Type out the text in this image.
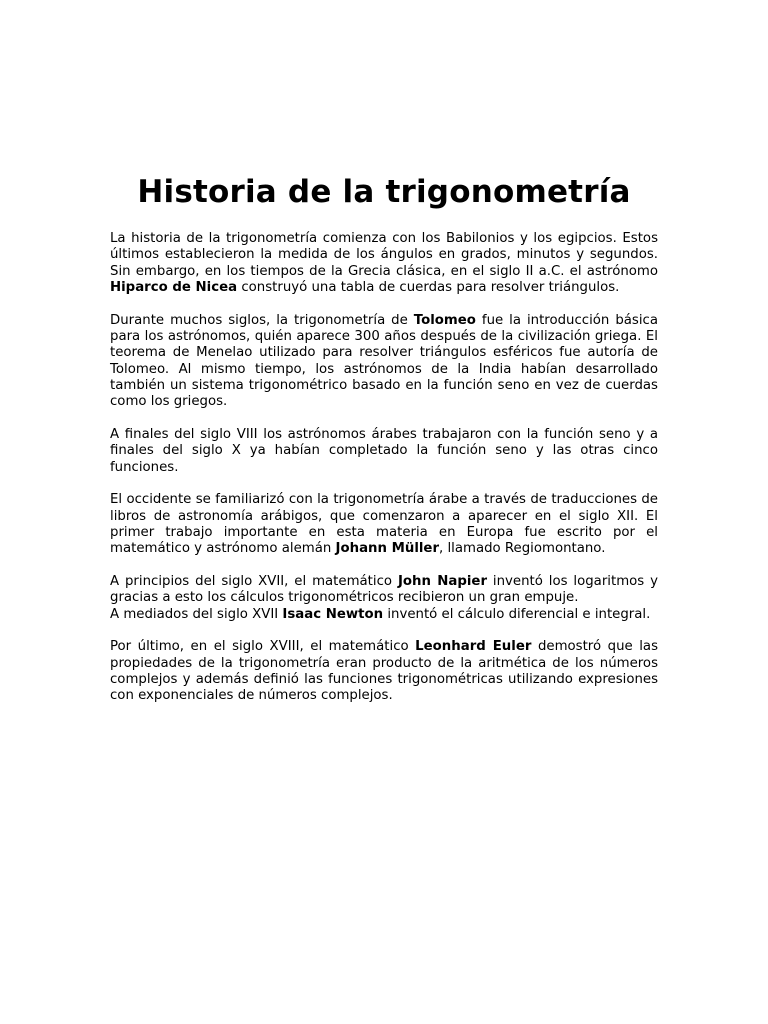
Historia de la trigonometría

La historia de la trigonometría comienza con los Babilonios y los egipcios. Estos últimos establecieron la medida de los ángulos en grados, minutos y segundos. Sin embargo, en los tiempos de la Grecia clásica, en el siglo II a.C. el astrónomo Hiparco de Nicea construyó una tabla de cuerdas para resolver triángulos.

Durante muchos siglos, la trigonometría de Tolomeo fue la introducción básica para los astrónomos, quién aparece 300 años después de la civilización griega. El teorema de Menelao utilizado para resolver triángulos esféricos fue autoría de Tolomeo. Al mismo tiempo, los astrónomos de la India habían desarrollado también un sistema trigonométrico basado en la función seno en vez de cuerdas como los griegos.

A finales del siglo VIII los astrónomos árabes trabajaron con la función seno y a finales del siglo X ya habían completado la función seno y las otras cinco funciones.

El occidente se familiarizó con la trigonometría árabe a través de traducciones de libros de astronomía arábigos, que comenzaron a aparecer en el siglo XII. El primer trabajo importante en esta materia en Europa fue escrito por el matemático y astrónomo alemán Johann Müller, llamado Regiomontano.

A principios del siglo XVII, el matemático John Napier inventó los logaritmos y gracias a esto los cálculos trigonométricos recibieron un gran empuje.

A mediados del siglo XVII Isaac Newton inventó el cálculo diferencial e integral.

Por último, en el siglo XVIII, el matemático Leonhard Euler demostró que las propiedades de la trigonometría eran producto de la aritmética de los números complejos y además definió las funciones trigonométricas utilizando expresiones con exponenciales de números complejos.
